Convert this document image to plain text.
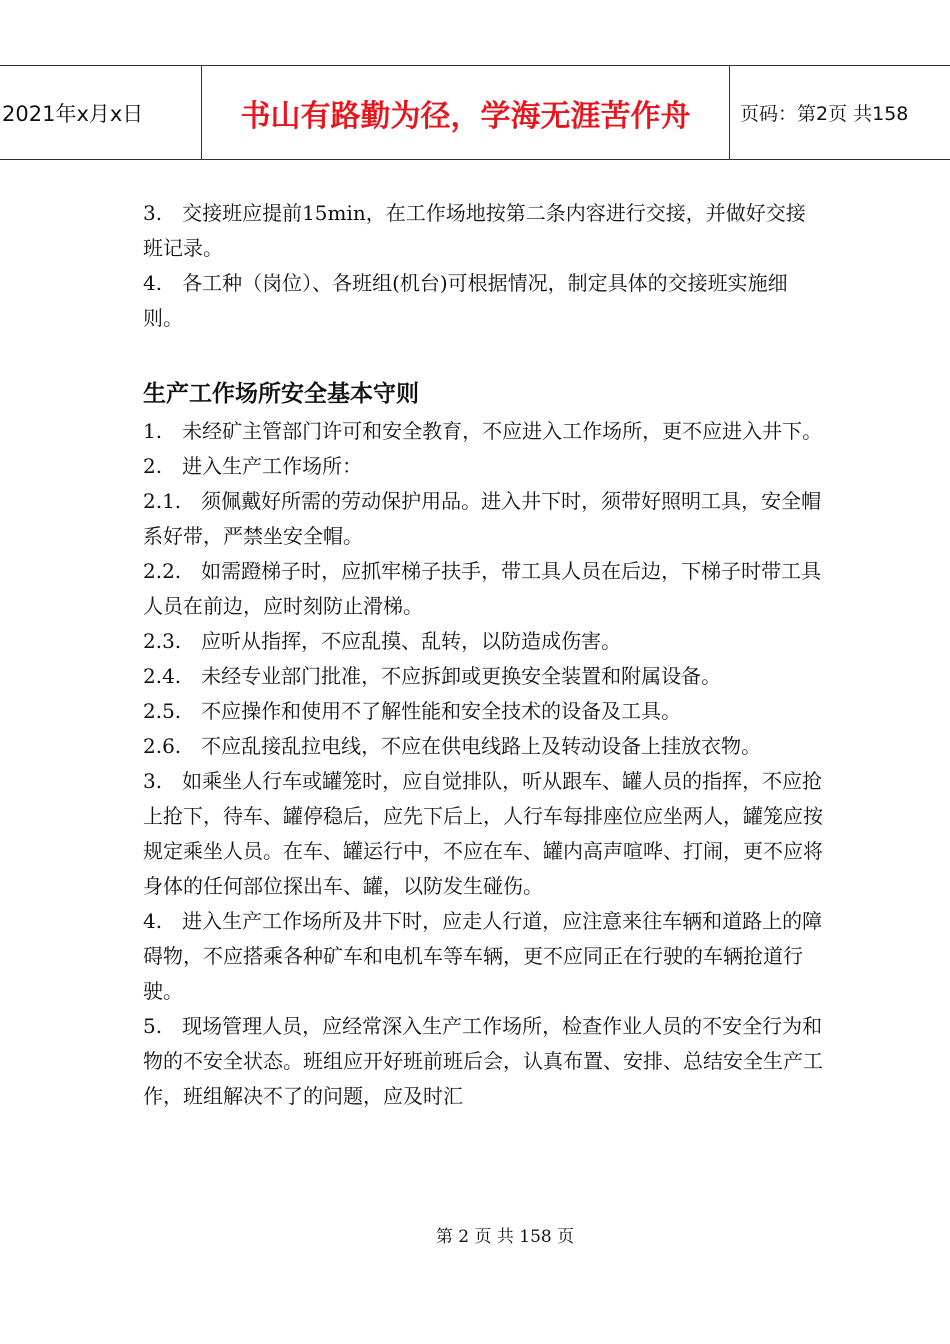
2021年x月x日	书山有路勤为径，学海无涯苦作舟	页码：第2页 共158

3.　交接班应提前15min，在工作场地按第二条内容进行交接，并做好交接班记录。

4.　各工种（岗位）、各班组(机台)可根据情况，制定具体的交接班实施细则。

生产工作场所安全基本守则

1.　未经矿主管部门许可和安全教育，不应进入工作场所，更不应进入井下。

2.　进入生产工作场所：

2.1.　须佩戴好所需的劳动保护用品。进入井下时，须带好照明工具，安全帽系好带，严禁坐安全帽。

2.2.　如需蹬梯子时，应抓牢梯子扶手，带工具人员在后边，下梯子时带工具人员在前边，应时刻防止滑梯。

2.3.　应听从指挥，不应乱摸、乱转，以防造成伤害。

2.4.　未经专业部门批准，不应拆卸或更换安全装置和附属设备。

2.5.　不应操作和使用不了解性能和安全技术的设备及工具。

2.6.　不应乱接乱拉电线，不应在供电线路上及转动设备上挂放衣物。

3.　如乘坐人行车或罐笼时，应自觉排队，听从跟车、罐人员的指挥，不应抢上抢下，待车、罐停稳后，应先下后上，人行车每排座位应坐两人，罐笼应按规定乘坐人员。在车、罐运行中，不应在车、罐内高声喧哗、打闹，更不应将身体的任何部位探出车、罐，以防发生碰伤。

4.　进入生产工作场所及井下时，应走人行道，应注意来往车辆和道路上的障碍物，不应搭乘各种矿车和电机车等车辆，更不应同正在行驶的车辆抢道行驶。

5.　现场管理人员，应经常深入生产工作场所，检查作业人员的不安全行为和物的不安全状态。班组应开好班前班后会，认真布置、安排、总结安全生产工作，班组解决不了的问题，应及时汇

第 2 页 共 158 页
